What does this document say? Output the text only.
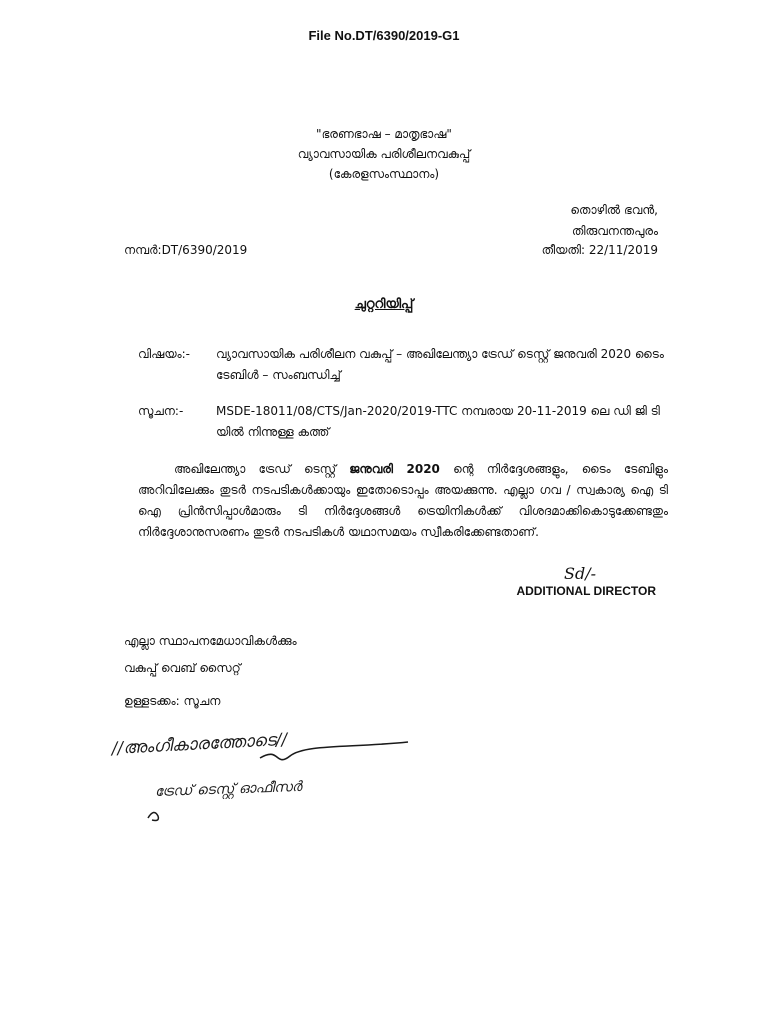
File No.DT/6390/2019-G1
"ഭരണഭാഷ – മാതൃഭാഷ"
വ്യാവസായിക പരിശീലനവകുപ്പ്
(കേരളസംസ്ഥാനം)
തൊഴിൽ ഭവൻ,
തിരുവനന്തപുരം
നമ്പർ:DT/6390/2019	തീയതി: 22/11/2019
ചുറ്ററിയിപ്പ്
വിഷയം:-	വ്യാവസായിക പരിശീലന വകുപ്പ് – അഖിലേന്ത്യാ ട്രേഡ് ടെസ്റ്റ് ജനുവരി 2020 ടൈം ടേബിൾ – സംബന്ധിച്ച്
സൂചന:-	MSDE-18011/08/CTS/Jan-2020/2019-TTC നമ്പരായ 20-11-2019 ലെ ഡി ജി ടി യിൽ നിന്നുള്ള കത്ത്
അഖിലേന്ത്യാ ട്രേഡ് ടെസ്റ്റ് ജനുവരി 2020 ന്റെ നിർദ്ദേശങ്ങളും, ടൈം ടേബിളും അറിവിലേക്കും തുടർ നടപടികൾക്കായും ഇതോടൊപ്പം അയക്കുന്നു. എല്ലാ ഗവ / സ്വകാര്യ ഐ ടി ഐ പ്രിൻസിപ്പാൾമാരും ടി നിർദ്ദേശങ്ങൾ ട്രെയിനികൾക്ക് വിശദമാക്കികൊടുക്കേണ്ടതും നിർദ്ദേശാനുസരണം തുടർ നടപടികൾ യഥാസമയം സ്വീകരിക്കേണ്ടതാണ്.
Sd/-
ADDITIONAL DIRECTOR
എല്ലാ സ്ഥാപനമേധാവികൾക്കും
വകുപ്പ് വെബ് സൈറ്റ്
ഉള്ളടക്കം: സൂചന
//അംഗീകാരത്തോടെ//
ട്രേഡ് ടെസ്റ്റ് ഓഫീസർ
